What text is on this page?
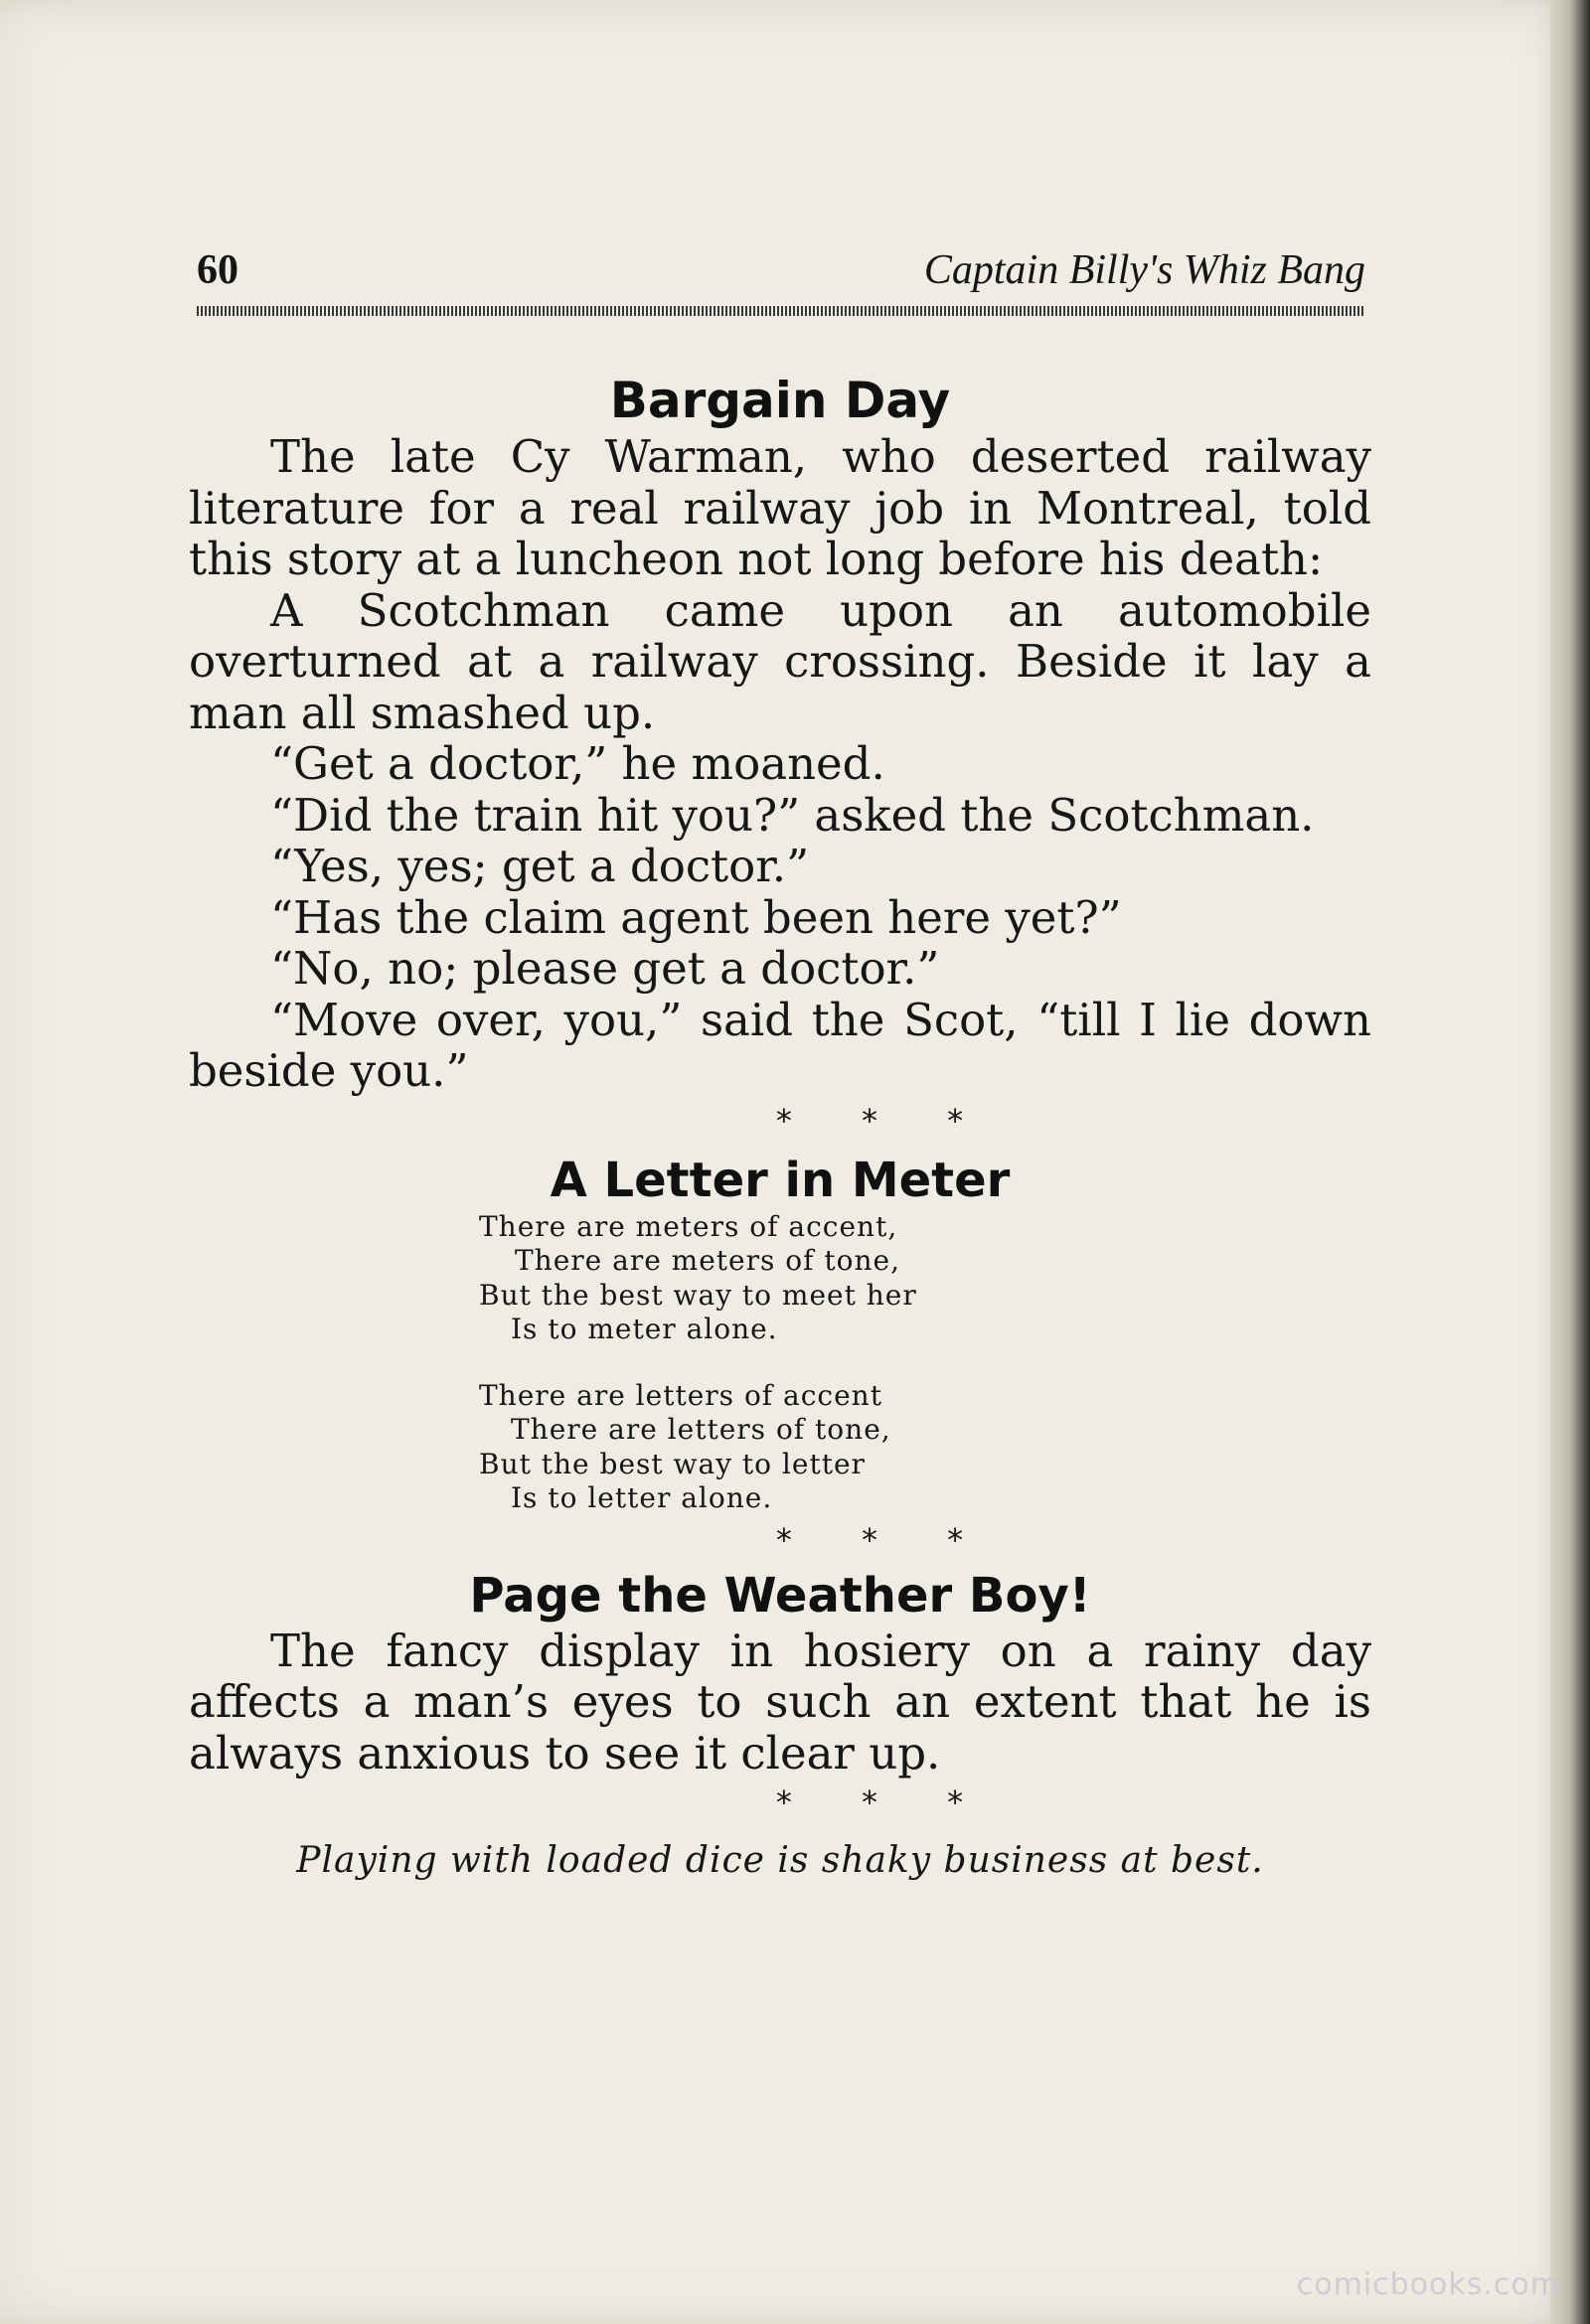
60	Captain Billy's Whiz Bang
Bargain Day

The late Cy Warman, who deserted railway literature for a real railway job in Montreal, told this story at a luncheon not long before his death:

A Scotchman came upon an automobile overturned at a railway crossing. Beside it lay a man all smashed up.

“Get a doctor,” he moaned.

“Did the train hit you?” asked the Scotchman.

“Yes, yes; get a doctor.”

“Has the claim agent been here yet?”

“No, no; please get a doctor.”

“Move over, you,” said the Scot, “till I lie down beside you.”

* * *
A Letter in Meter
There are meters of accent,
There are meters of tone,
But the best way to meet her
Is to meter alone.
There are letters of accent
There are letters of tone,
But the best way to letter
Is to letter alone.
* * *
Page the Weather Boy!

The fancy display in hosiery on a rainy day affects a man’s eyes to such an extent that he is always anxious to see it clear up.

* * *
Playing with loaded dice is shaky business at best.
comicbooks.com
